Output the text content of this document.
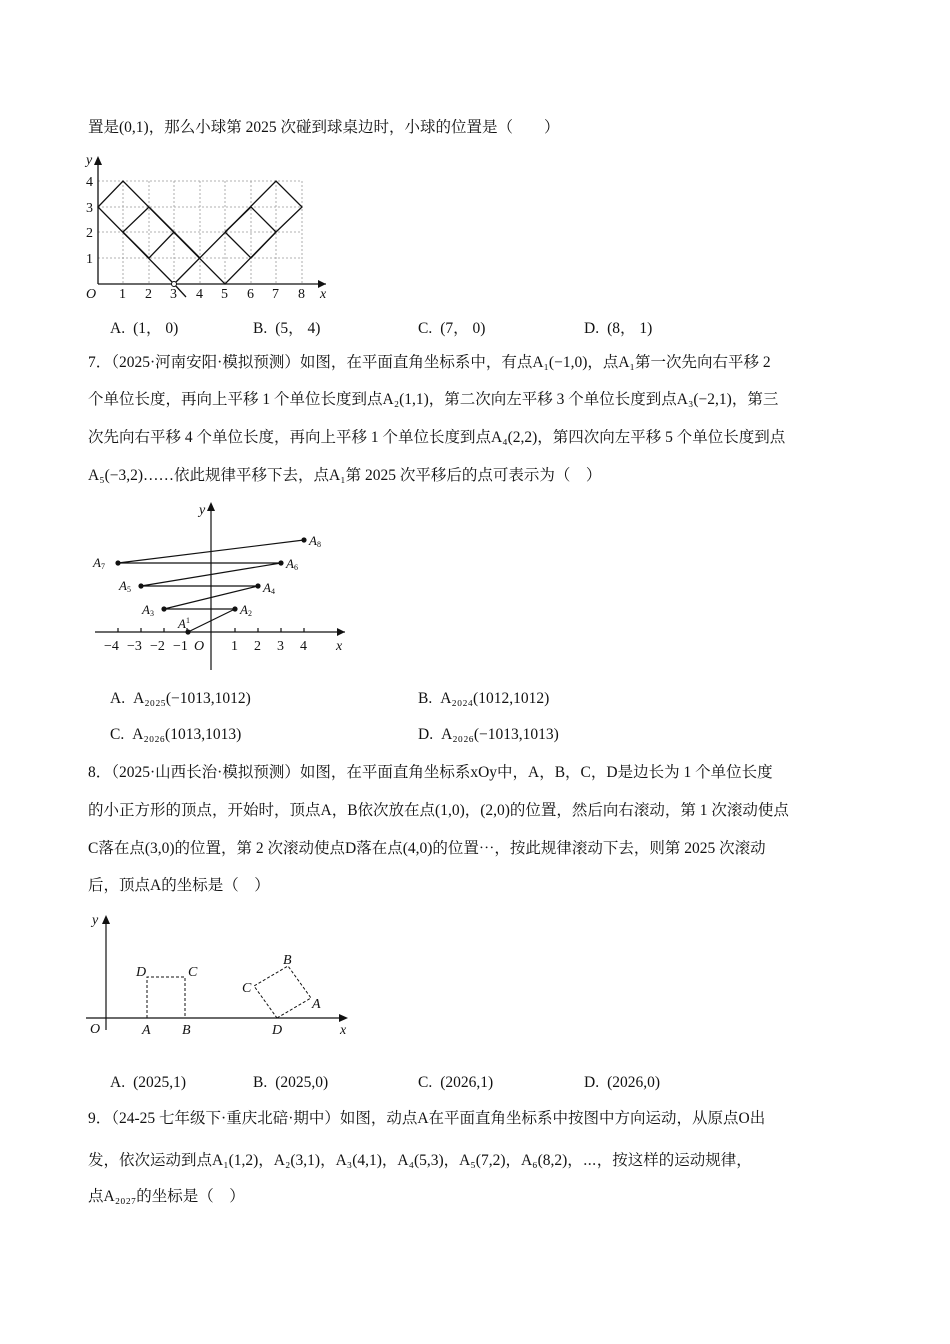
置是(0,1)，那么小球第 2025 次碰到球桌边时，小球的位置是（　　）
O 1 2 3 4 5 6 7 8 x
y
4
3
2
1
A. (1， 0)	B. (5， 4)	C. (7， 0)	D. (8， 1)
7．（2025·河南安阳·模拟预测）如图，在平面直角坐标系中，有点A₁(−1,0)，点A₁第一次先向右平移 2
个单位长度，再向上平移 1 个单位长度到点A₂(1,1)，第二次向左平移 3 个单位长度到点A₃(−2,1)，第三
次先向右平移 4 个单位长度，再向上平移 1 个单位长度到点A₄(2,2)，第四次向左平移 5 个单位长度到点
A₅(−3,2)……依此规律平移下去，点A₁第 2025 次平移后的点可表示为（　）
−4 −3 −2 −1 O 1 2 3 4 x
y
$A^1$
A2
A3
A4
A5
A6
A7
A8
A. A₂₀₂₅(−1013,1012)	B. A₂₀₂₄(1012,1012)
C. A₂₀₂₆(1013,1013)	D. A₂₀₂₆(−1013,1013)
8．（2025·山西长治·模拟预测）如图，在平面直角坐标系xOy中，A，B，C，D是边长为 1 个单位长度
的小正方形的顶点，开始时，顶点A，B依次放在点(1,0)，(2,0)的位置，然后向右滚动，第 1 次滚动使点
C落在点(3,0)的位置，第 2 次滚动使点D落在点(4,0)的位置⋯，按此规律滚动下去，则第 2025 次滚动
后，顶点A的坐标是（　）
O	A B
D	C
D
A
B
C
x
y
A. (2025,1)	B. (2025,0)	C. (2026,1)	D. (2026,0)
9．（24-25 七年级下·重庆北碚·期中）如图，动点A在平面直角坐标系中按图中方向运动，从原点O出
发，依次运动到点A₁(1,2)，A₂(3,1)，A₃(4,1)，A₄(5,3)，A₅(7,2)，A₆(8,2)，⋯，按这样的运动规律，
点A₂₀₂₇的坐标是（　）
